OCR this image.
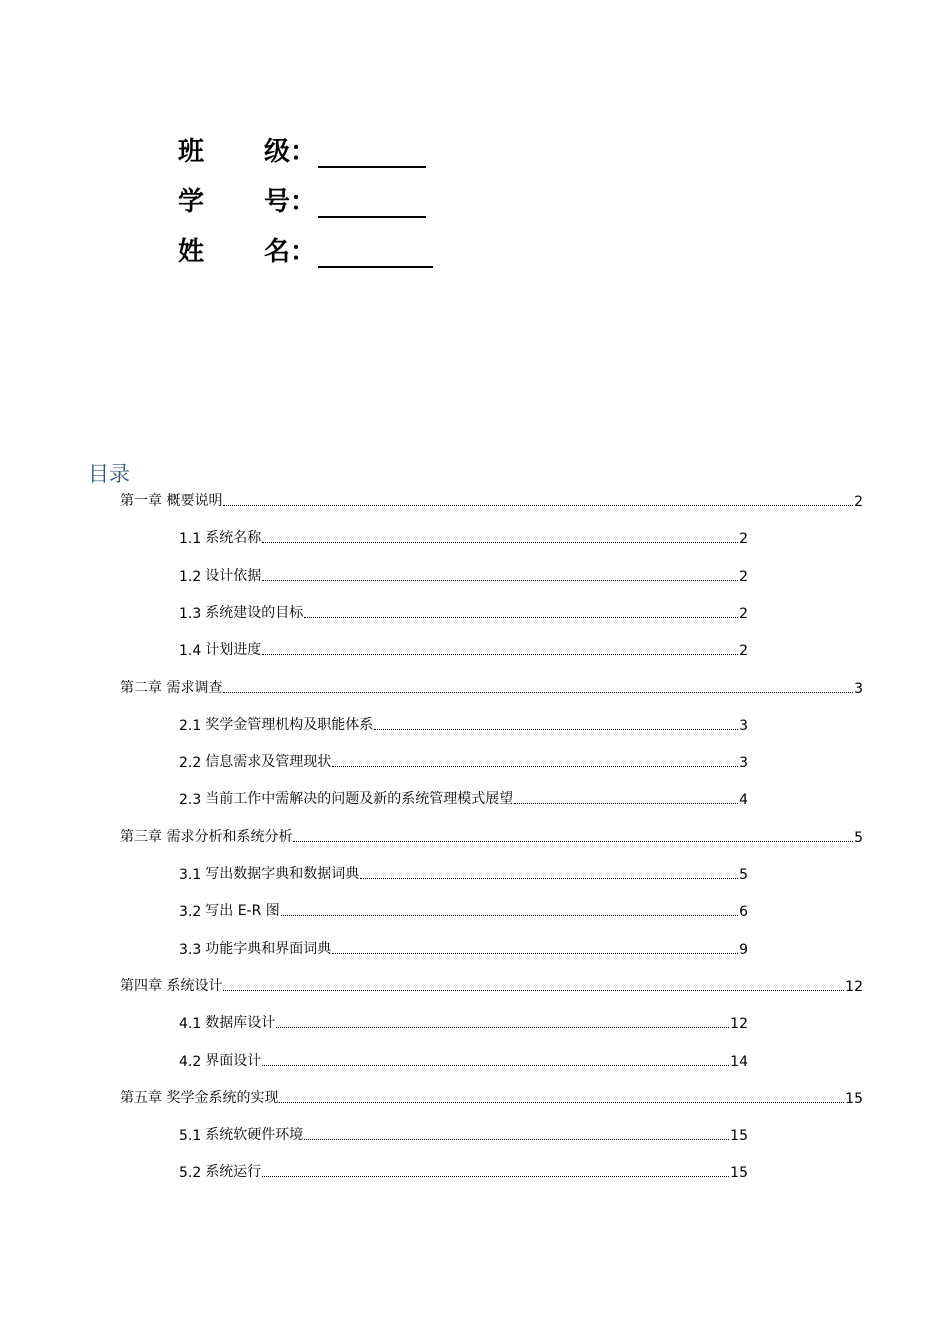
班	级：
学	号：
姓	名：
目录
第一章 概要说明	2
1.1 系统名称	2
1.2 设计依据	2
1.3 系统建设的目标	2
1.4 计划进度	2
第二章 需求调查	3
2.1 奖学金管理机构及职能体系	3
2.2 信息需求及管理现状	3
2.3 当前工作中需解决的问题及新的系统管理模式展望	4
第三章 需求分析和系统分析	5
3.1 写出数据字典和数据词典	5
3.2 写出 E-R 图	6
3.3 功能字典和界面词典	9
第四章 系统设计	12
4.1 数据库设计	12
4.2 界面设计	14
第五章 奖学金系统的实现	15
5.1 系统软硬件环境	15
5.2 系统运行	15
